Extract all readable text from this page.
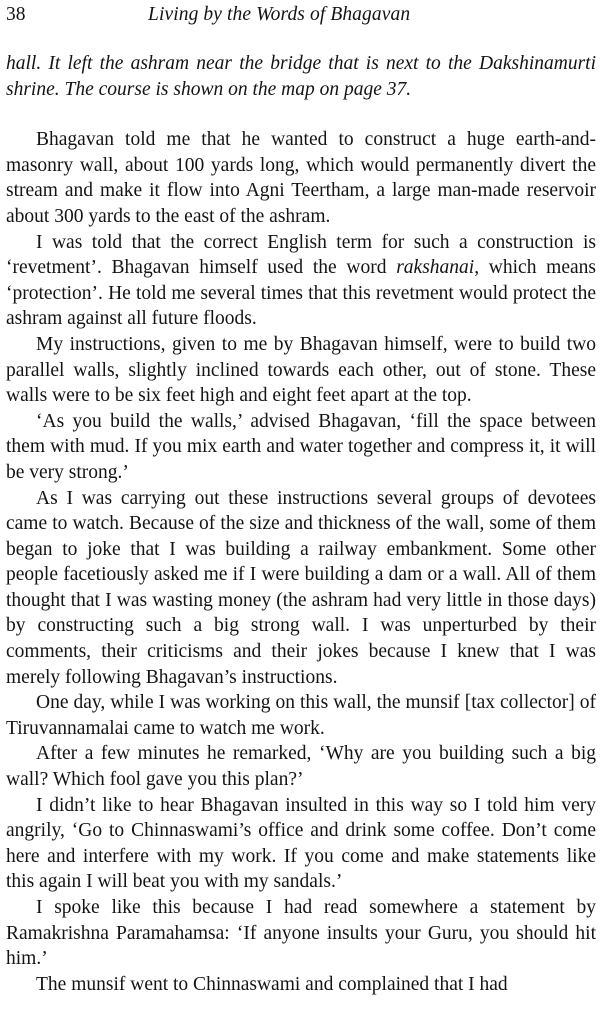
38	Living by the Words of Bhagavan

hall. It left the ashram near the bridge that is next to the Dakshinamurti shrine. The course is shown on the map on page 37.

Bhagavan told me that he wanted to construct a huge earth-and-masonry wall, about 100 yards long, which would permanently divert the stream and make it flow into Agni Teertham, a large man-made reservoir about 300 yards to the east of the ashram.

I was told that the correct English term for such a construction is ‘revetment’. Bhagavan himself used the word rakshanai, which means ‘protection’. He told me several times that this revetment would protect the ashram against all future floods.

My instructions, given to me by Bhagavan himself, were to build two parallel walls, slightly inclined towards each other, out of stone. These walls were to be six feet high and eight feet apart at the top.

‘As you build the walls,’ advised Bhagavan, ‘fill the space between them with mud. If you mix earth and water together and compress it, it will be very strong.’

As I was carrying out these instructions several groups of devotees came to watch. Because of the size and thickness of the wall, some of them began to joke that I was building a railway embankment. Some other people facetiously asked me if I were building a dam or a wall. All of them thought that I was wasting money (the ashram had very little in those days) by constructing such a big strong wall. I was unperturbed by their comments, their criticisms and their jokes because I knew that I was merely following Bhagavan’s instructions.

One day, while I was working on this wall, the munsif [tax collector] of Tiruvannamalai came to watch me work.

After a few minutes he remarked, ‘Why are you building such a big wall? Which fool gave you this plan?’

I didn’t like to hear Bhagavan insulted in this way so I told him very angrily, ‘Go to Chinnaswami’s office and drink some coffee. Don’t come here and interfere with my work. If you come and make statements like this again I will beat you with my sandals.’

I spoke like this because I had read somewhere a statement by Ramakrishna Paramahamsa: ‘If anyone insults your Guru, you should hit him.’

The munsif went to Chinnaswami and complained that I had
